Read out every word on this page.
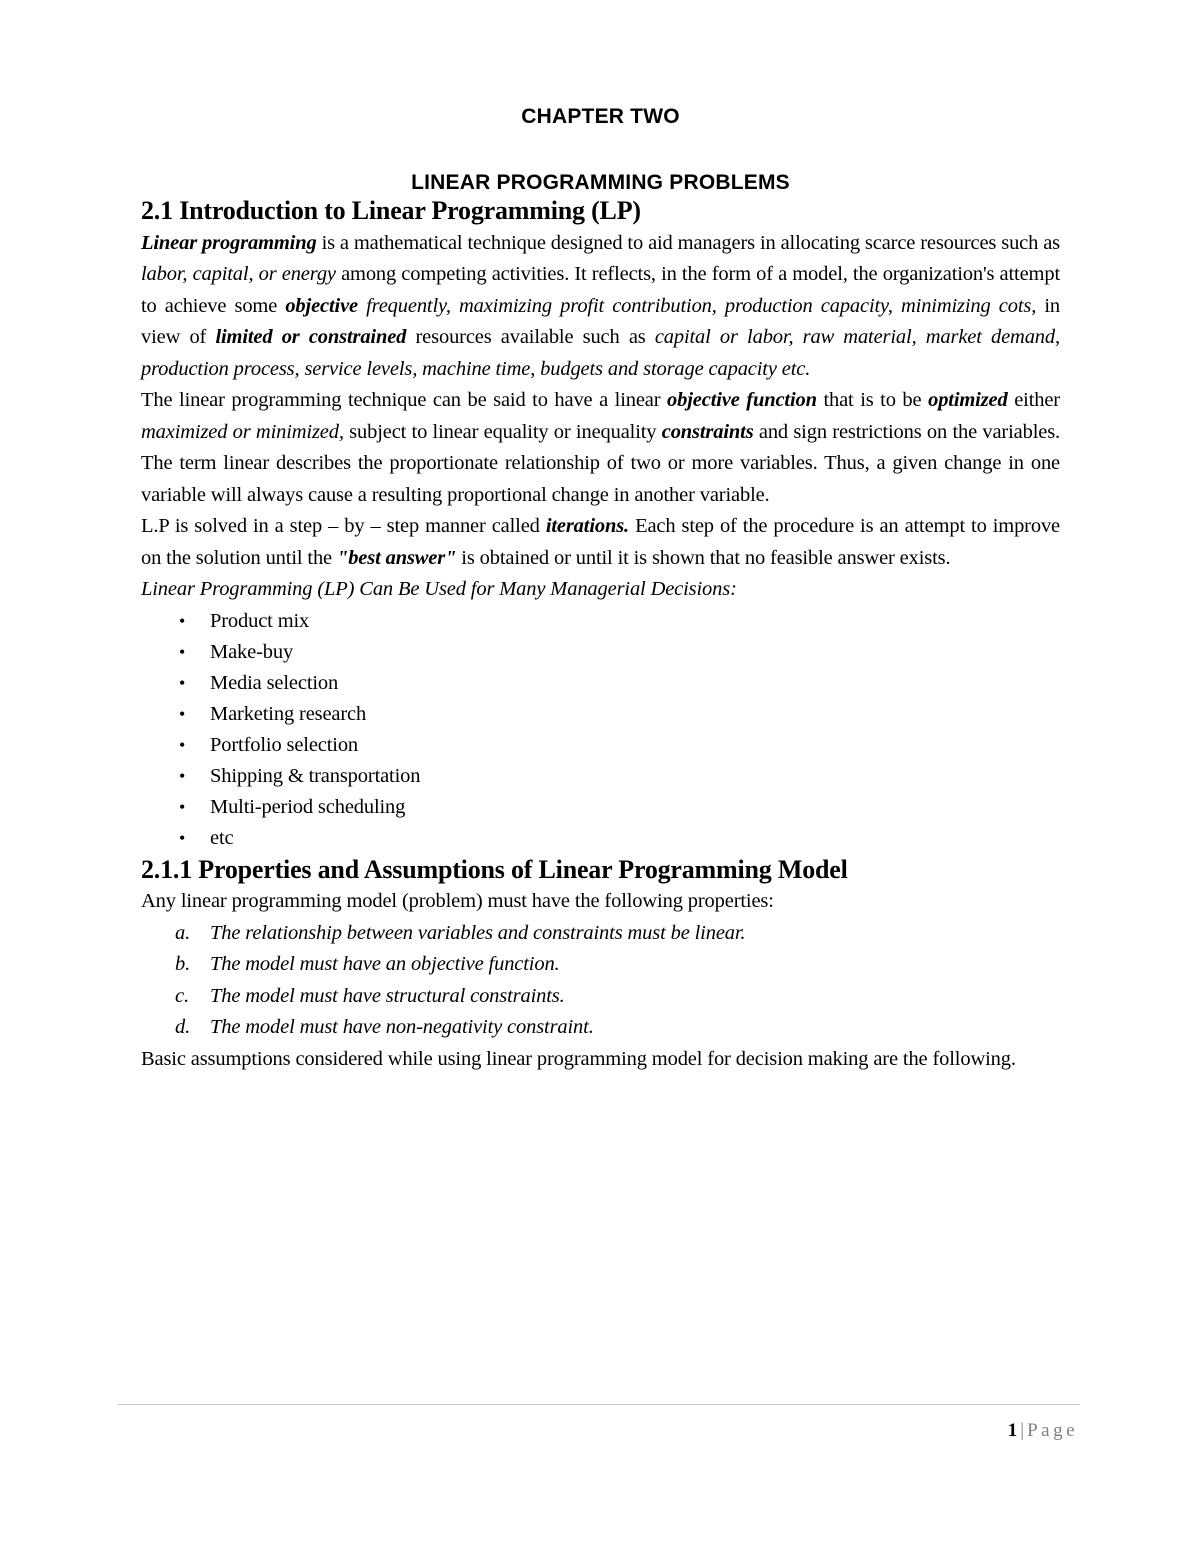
CHAPTER TWO
LINEAR PROGRAMMING PROBLEMS
2.1 Introduction to Linear Programming (LP)

Linear programming is a mathematical technique designed to aid managers in allocating scarce resources such as labor, capital, or energy among competing activities. It reflects, in the form of a model, the organization's attempt to achieve some objective frequently, maximizing profit contribution, production capacity, minimizing cots, in view of limited or constrained resources available such as capital or labor, raw material, market demand, production process, service levels, machine time, budgets and storage capacity etc.

The linear programming technique can be said to have a linear objective function that is to be optimized either maximized or minimized, subject to linear equality or inequality constraints and sign restrictions on the variables. The term linear describes the proportionate relationship of two or more variables. Thus, a given change in one variable will always cause a resulting proportional change in another variable.

L.P is solved in a step – by – step manner called iterations. Each step of the procedure is an attempt to improve on the solution until the "best answer" is obtained or until it is shown that no feasible answer exists.

Linear Programming (LP) Can Be Used for Many Managerial Decisions:

• Product mix
• Make-buy
• Media selection
• Marketing research
• Portfolio selection
• Shipping & transportation
• Multi-period scheduling
• etc
2.1.1 Properties and Assumptions of Linear Programming Model

Any linear programming model (problem) must have the following properties:

a. The relationship between variables and constraints must be linear.
b. The model must have an objective function.
c. The model must have structural constraints.
d. The model must have non-negativity constraint.

Basic assumptions considered while using linear programming model for decision making are the following.

1 | Page
